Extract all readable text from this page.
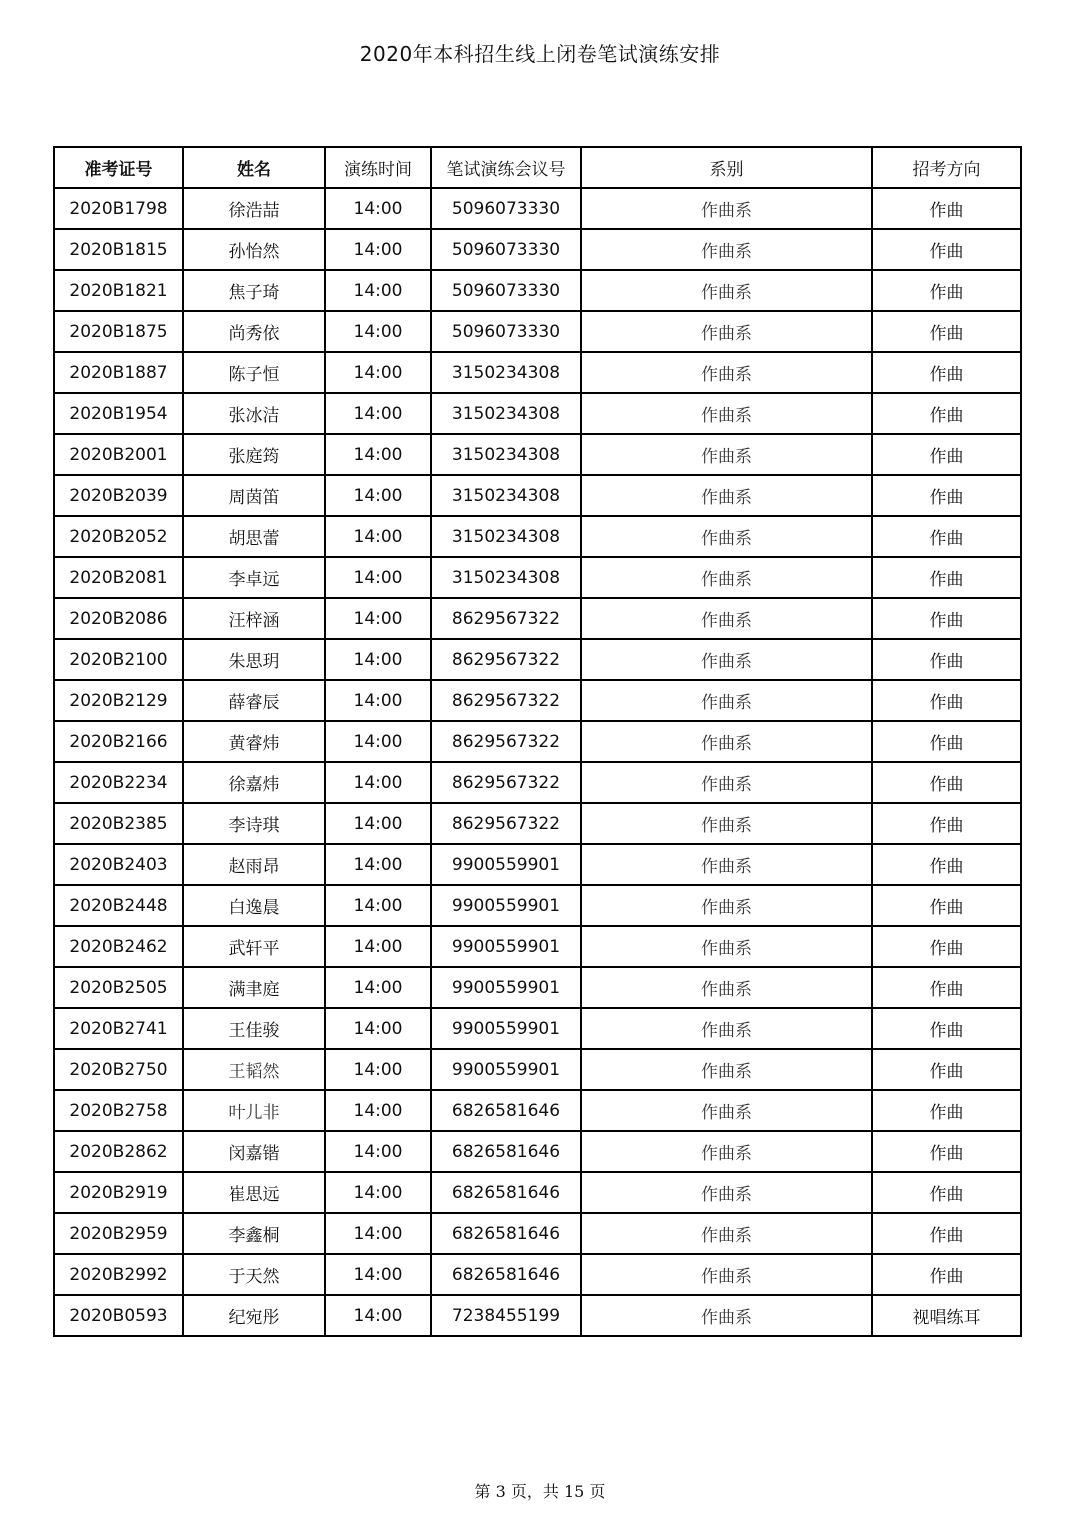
2020年本科招生线上闭卷笔试演练安排
准考证号	姓名	演练时间	笔试演练会议号	系别	招考方向
2020B1798	徐浩喆	14:00	5096073330	作曲系	作曲
2020B1815	孙怡然	14:00	5096073330	作曲系	作曲
2020B1821	焦子琦	14:00	5096073330	作曲系	作曲
2020B1875	尚秀依	14:00	5096073330	作曲系	作曲
2020B1887	陈子恒	14:00	3150234308	作曲系	作曲
2020B1954	张冰洁	14:00	3150234308	作曲系	作曲
2020B2001	张庭筠	14:00	3150234308	作曲系	作曲
2020B2039	周茵笛	14:00	3150234308	作曲系	作曲
2020B2052	胡思蕾	14:00	3150234308	作曲系	作曲
2020B2081	李卓远	14:00	3150234308	作曲系	作曲
2020B2086	汪梓涵	14:00	8629567322	作曲系	作曲
2020B2100	朱思玥	14:00	8629567322	作曲系	作曲
2020B2129	薛睿辰	14:00	8629567322	作曲系	作曲
2020B2166	黄睿炜	14:00	8629567322	作曲系	作曲
2020B2234	徐嘉炜	14:00	8629567322	作曲系	作曲
2020B2385	李诗琪	14:00	8629567322	作曲系	作曲
2020B2403	赵雨昂	14:00	9900559901	作曲系	作曲
2020B2448	白逸晨	14:00	9900559901	作曲系	作曲
2020B2462	武轩平	14:00	9900559901	作曲系	作曲
2020B2505	满聿庭	14:00	9900559901	作曲系	作曲
2020B2741	王佳骏	14:00	9900559901	作曲系	作曲
2020B2750	王韬然	14:00	9900559901	作曲系	作曲
2020B2758	叶儿非	14:00	6826581646	作曲系	作曲
2020B2862	闵嘉锴	14:00	6826581646	作曲系	作曲
2020B2919	崔思远	14:00	6826581646	作曲系	作曲
2020B2959	李鑫桐	14:00	6826581646	作曲系	作曲
2020B2992	于天然	14:00	6826581646	作曲系	作曲
2020B0593	纪宛彤	14:00	7238455199	作曲系	视唱练耳
第 3 页，共 15 页
